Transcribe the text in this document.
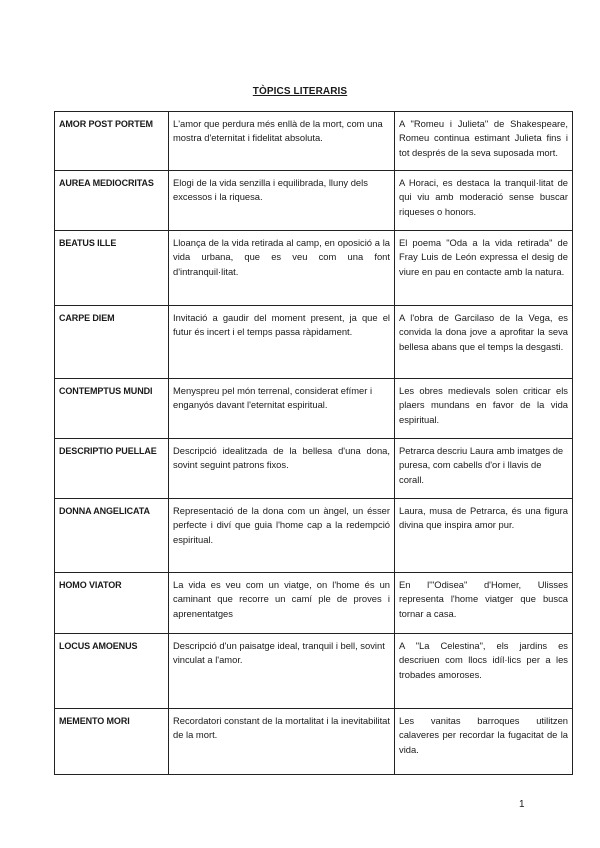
TÒPICS LITERARIS
AMOR POST PORTEM	L'amor que perdura més enllà de la mort, com una mostra d'eternitat i fidelitat absoluta.	A "Romeu i Julieta" de Shakespeare, Romeu continua estimant Julieta fins i tot després de la seva suposada mort.
AUREA MEDIOCRITAS	Elogi de la vida senzilla i equilibrada, lluny dels excessos i la riquesa.	A Horaci, es destaca la tranquil·litat de qui viu amb moderació sense buscar riqueses o honors.
BEATUS ILLE	Lloança de la vida retirada al camp, en oposició a la vida urbana, que es veu com una font d'intranquil·litat.	El poema "Oda a la vida retirada" de Fray Luis de León expressa el desig de viure en pau en contacte amb la natura.
CARPE DIEM	Invitació a gaudir del moment present, ja que el futur és incert i el temps passa ràpidament.	A l'obra de Garcilaso de la Vega, es convida la dona jove a aprofitar la seva bellesa abans que el temps la desgasti.
CONTEMPTUS MUNDI	Menyspreu pel món terrenal, considerat efímer i enganyós davant l'eternitat espiritual.	Les obres medievals solen criticar els plaers mundans en favor de la vida espiritual.
DESCRIPTIO PUELLAE	Descripció idealitzada de la bellesa d'una dona, sovint seguint patrons fixos.	Petrarca descriu Laura amb imatges de puresa, com cabells d'or i llavis de corall.
DONNA ANGELICATA	Representació de la dona com un àngel, un ésser perfecte i diví que guia l'home cap a la redempció espiritual.	Laura, musa de Petrarca, és una figura divina que inspira amor pur.
HOMO VIATOR	La vida es veu com un viatge, on l'home és un caminant que recorre un camí ple de proves i aprenentatges	En l'"Odisea" d'Homer, Ulisses representa l'home viatger que busca tornar a casa.
LOCUS AMOENUS	Descripció d'un paisatge ideal, tranquil i bell, sovint vinculat a l'amor.	A "La Celestina", els jardins es descriuen com llocs idíl·lics per a les trobades amoroses.
MEMENTO MORI	Recordatori constant de la mortalitat i la inevitabilitat de la mort.	Les vanitas barroques utilitzen calaveres per recordar la fugacitat de la vida.
1
